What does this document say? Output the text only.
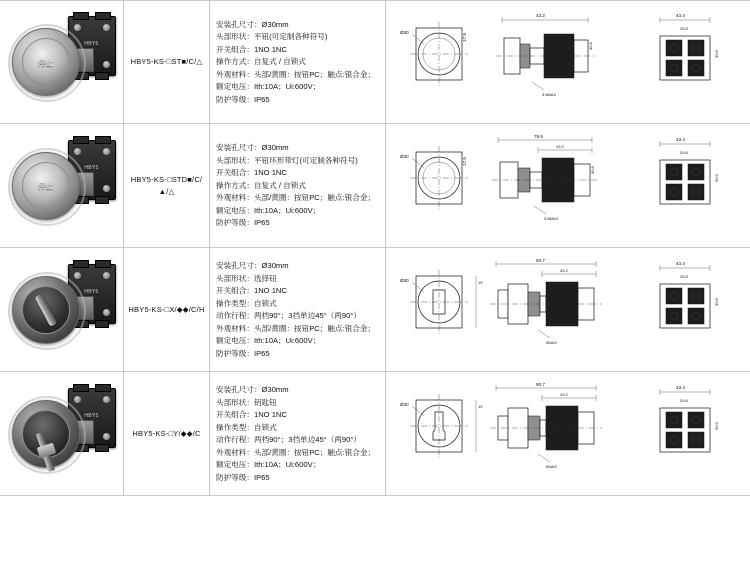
HBY5
停止	HBY5-KS-□ST■/C/△
安装孔尺寸：Ø30mm
头部形状：平钮(可定制各种符号)
开关组合：1NO 1NC
操作方式：自复式 / 自锁式
外观材料：头部/黄圈：按钮PC；触点:银合金；
额定电压：Ith:10A；Ui:600V；
防护等级：IP65
Ø30
17.5
43.2
3.5MAX
40.8
43.4
29.8
30.6
HBY5
停止
HBY5-KS-□STD■/C/▲/△
安装孔尺寸：Ø30mm
头部形状：平钮环形带灯(可定制各种符号)
开关组合：1NO 1NC
操作方式：自复式 / 自锁式
外观材料：头部/黄圈：按钮PC；触点:银合金；
额定电压：Ith:10A；Ui:600V；
防护等级：IP65
Ø30
17.5
79.5
43.2
3.5MAX
40.8
43.4
29.8
30.6
HBY5
HBY5-KS-□X/◆◆/C/H
安装孔尺寸：Ø30mm
头部形状：选择钮
开关组合：1NO 1NC
操作类型：自锁式
动作行程：两档90°；3挡单边45°（两90°）
外观材料：头部/黄圈：按钮PC；触点:银合金；
额定电压：Ith:10A；Ui:600V；
防护等级：IP65
Ø30	19
93.7
43.2
5MAX
43.4
29.8
30.6
HBY5
HBY5-KS-□Y/◆◆/C
安装孔尺寸：Ø30mm
头部形状：钥匙钮
开关组合：1NO 1NC
操作类型：自锁式
动作行程：两档90°；3挡单边45°（两90°）
外观材料：头部/黄圈：按钮PC；触点:银合金；
额定电压：Ith:10A；Ui:600V；
防护等级：IP65
Ø30	19
90.7
43.2
5MAX
43.4
29.8
30.6
